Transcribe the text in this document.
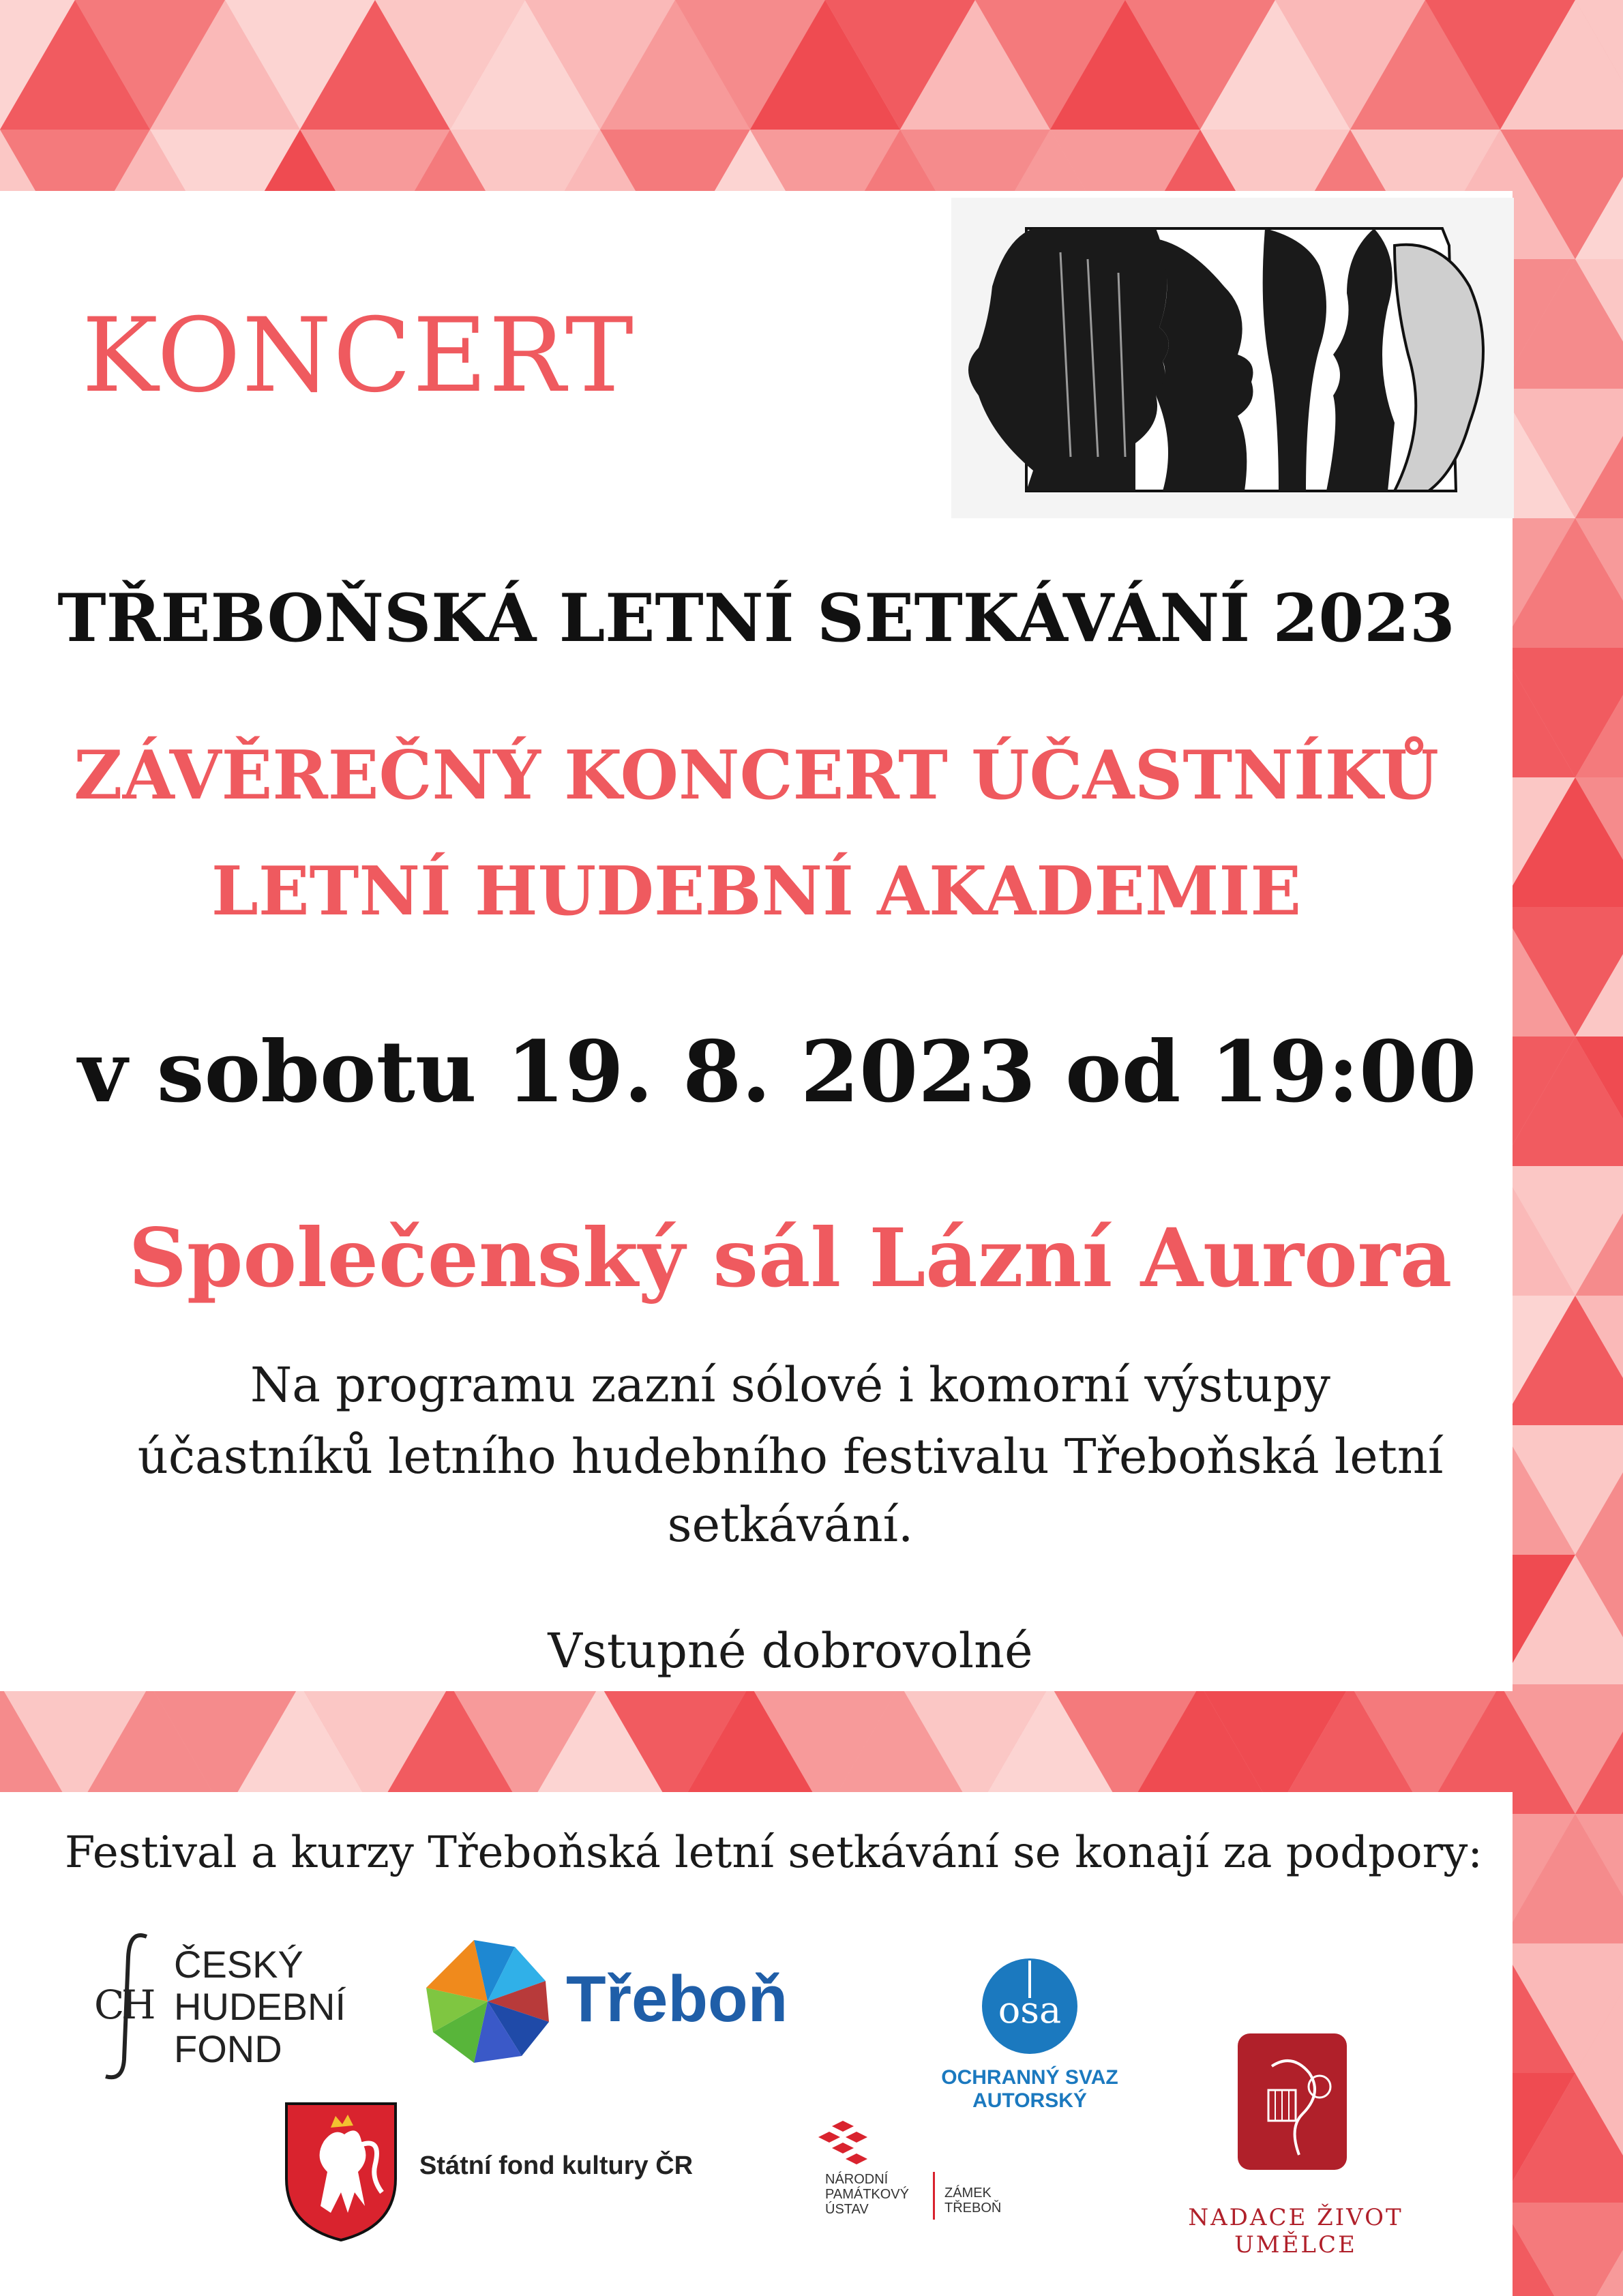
KONCERT
TŘEBOŇSKÁ LETNÍ SETKÁVÁNÍ 2023
ZÁVĚREČNÝ KONCERT ÚČASTNÍKŮ
LETNÍ HUDEBNÍ AKADEMIE
v sobotu 19. 8. 2023 od 19:00
Společenský sál Lázní Aurora
Na programu zazní sólové i komorní výstupy
účastníků letního hudebního festivalu Třeboňská letní
setkávání.
Vstupné dobrovolné
Festival a kurzy Třeboňská letní setkávání se konají za podpory:
C
H
ČESKÝ
HUDEBNÍ
FOND
Třeboň	osa
OCHRANNÝ SVAZ AUTORSKÝ
NADACE ŽIVOT UMĚLCE
Státní fond kultury ČR	NÁRODNÍ
PAMÁTKOVÝ
ÚSTAV
ZÁMEK
TŘEBOŇ
